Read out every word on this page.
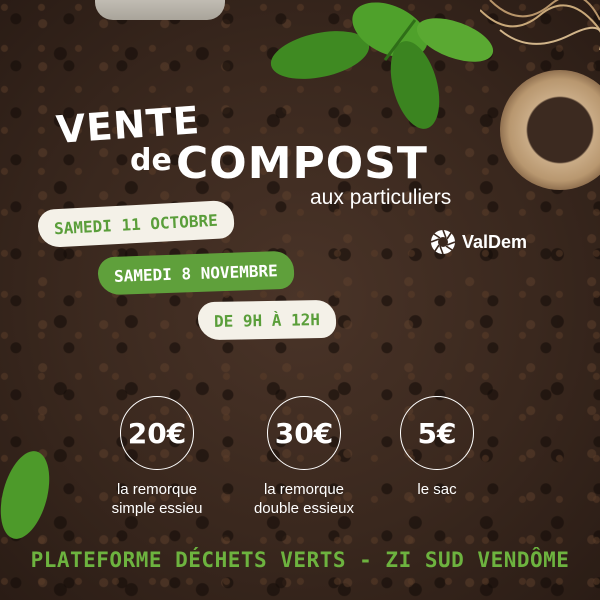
VENTE
de COMPOST
aux particuliers
ValDem
SAMEDI 11 OCTOBRE
SAMEDI 8 NOVEMBRE
DE 9H À 12H
20€
la remorque
simple essieu
30€
la remorque
double essieux
5€
le sac
PLATEFORME DÉCHETS VERTS - ZI SUD VENDÔME
